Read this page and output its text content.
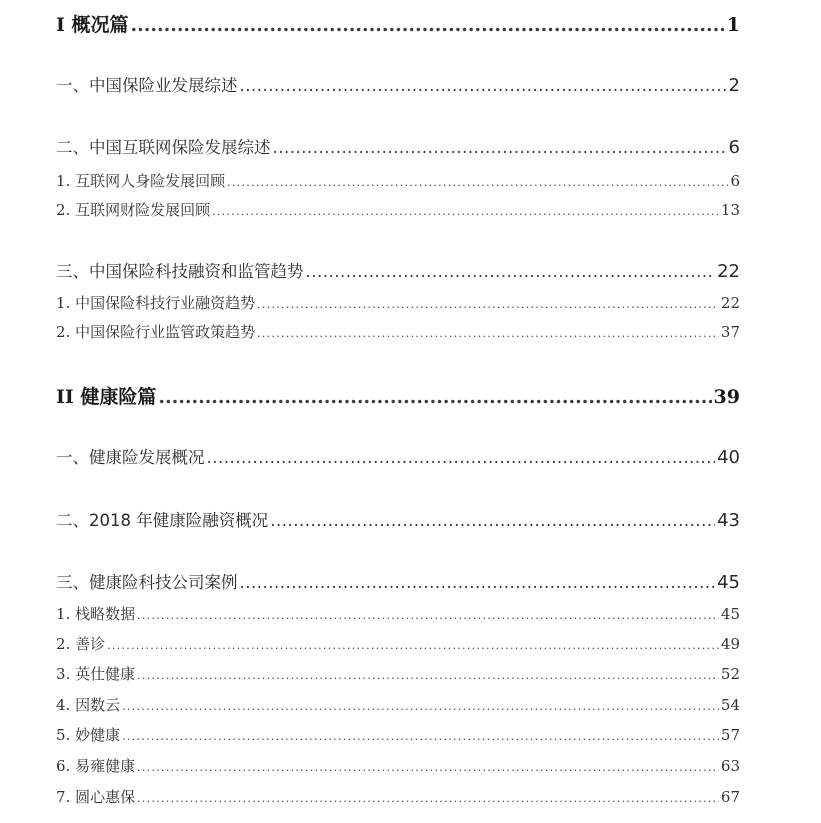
I 概况篇 .....	1
一、中国保险业发展综述 .....	2
二、中国互联网保险发展综述 .....	6
1. 互联网人身险发展回顾 .....	6
2. 互联网财险发展回顾 .....	13
三、中国保险科技融资和监管趋势 .....	22
1. 中国保险科技行业融资趋势 .....	22
2. 中国保险行业监管政策趋势 .....	37
II 健康险篇 .....	39
一、健康险发展概况 .....	40
二、2018 年健康险融资概况 .....	43
三、健康险科技公司案例 .....	45
1. 栈略数据 .....	45
2. 善诊 .....	49
3. 英仕健康 .....	52
4. 因数云 .....	54
5. 妙健康 .....	57
6. 易雍健康 .....	63
7. 圆心惠保 .....	67
